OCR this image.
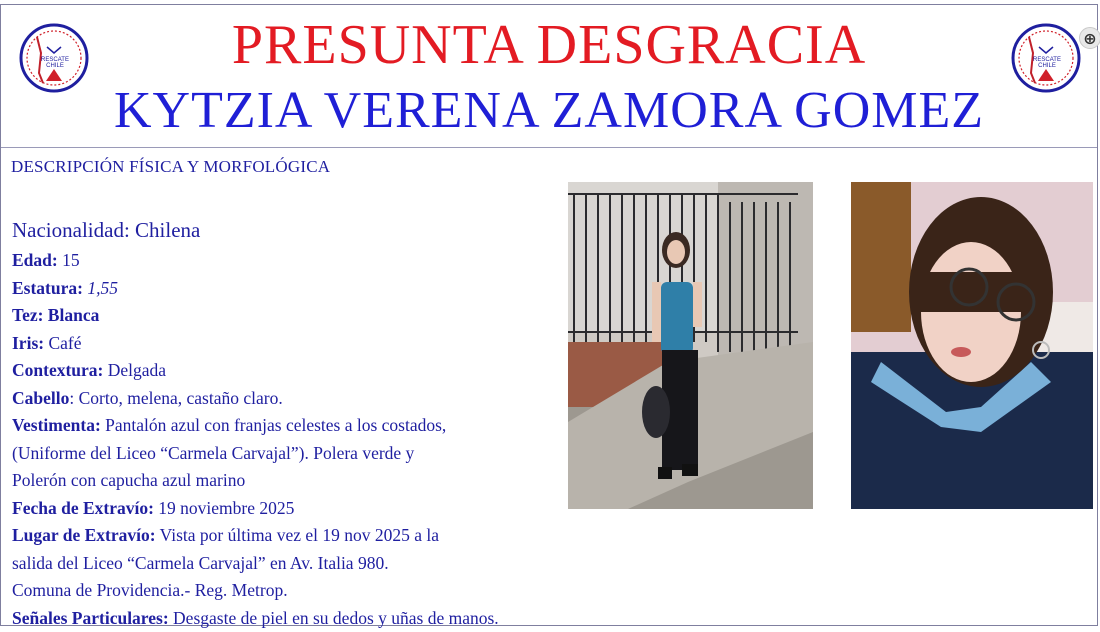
RESCATE
CHILE	PRESUNTA DESGRACIA
KYTZIA VERENA ZAMORA GOMEZ
RESCATE
CHILE
⊕
DESCRIPCIÓN FÍSICA Y MORFOLÓGICA
Nacionalidad: Chilena
Edad: 15
Estatura: 1,55
Tez: Blanca
Iris: Café
Contextura: Delgada
Cabello: Corto, melena, castaño claro.
Vestimenta: Pantalón azul con franjas celestes a los costados,
(Uniforme del Liceo “Carmela Carvajal”). Polera verde y
Polerón con capucha azul marino
Fecha de Extravío: 19 noviembre 2025
Lugar de Extravío: Vista por última vez el 19 nov 2025 a la
salida del Liceo “Carmela Carvajal” en Av. Italia 980.
Comuna de Providencia.- Reg. Metrop.
Señales Particulares: Desgaste de piel en su dedos y uñas de manos.
